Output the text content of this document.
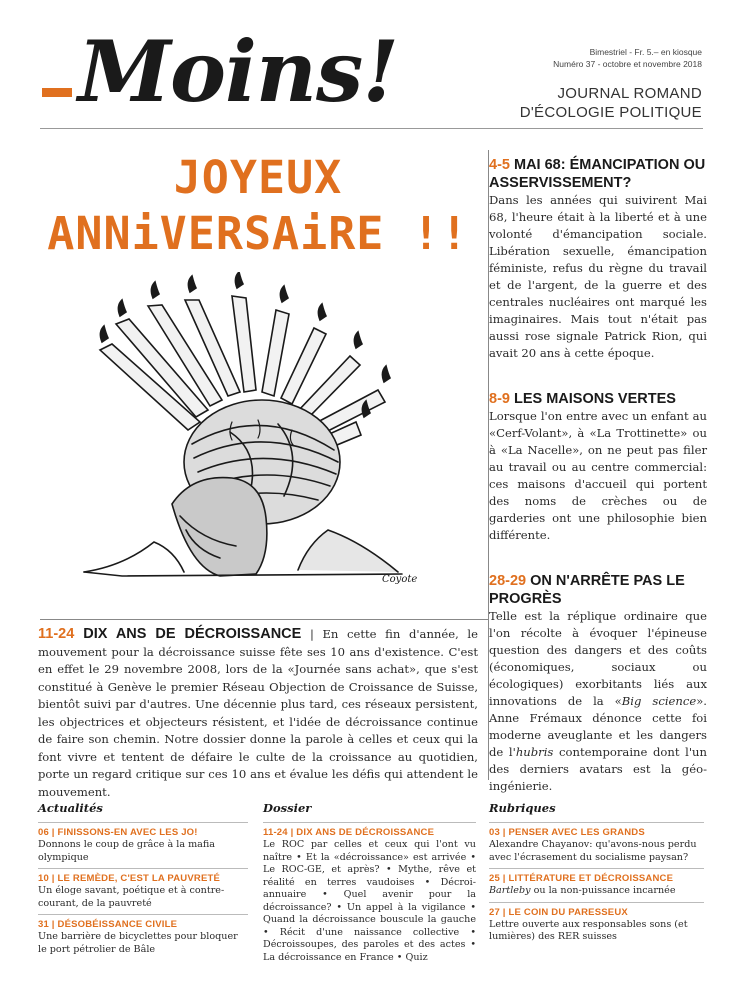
Moins!	Bimestriel - Fr. 5.– en kiosque
Numéro 37 - octobre et novembre 2018
JOURNAL ROMAND
D'ÉCOLOGIE POLITIQUE
JOYEUX
ANNiVERSAiRE !!
Coyote
4-5 MAI 68: ÉMANCIPATION OU ASSERVISSEMENT?
Dans les années qui suivirent Mai 68, l'heure était à la liberté et à une volonté d'émancipation sociale. Libération sexuelle, émancipation féministe, refus du règne du travail et de l'argent, de la guerre et des centrales nucléaires ont marqué les imaginaires. Mais tout n'était pas aussi rose signale Patrick Rion, qui avait 20 ans à cette époque.
8-9 LES MAISONS VERTES
Lorsque l'on entre avec un enfant au «Cerf-Volant», à «La Trottinette» ou à «La Nacelle», on ne peut pas filer au travail ou au centre commercial: ces maisons d'accueil qui portent des noms de crèches ou de garderies ont une philosophie bien différente.
28-29 ON N'ARRÊTE PAS LE PROGRÈS
Telle est la réplique ordinaire que l'on récolte à évoquer l'épineuse question des dangers et des coûts (économiques, sociaux ou écologiques) exorbitants liés aux innovations de la «Big science». Anne Frémaux dénonce cette foi moderne aveuglante et les dangers de l'hubris contemporaine dont l'un des derniers avatars est la géo-ingénierie.
11-24 DIX ANS DE DÉCROISSANCE | En cette fin d'année, le mouvement pour la décroissance suisse fête ses 10 ans d'existence. C'est en effet le 29 novembre 2008, lors de la «Journée sans achat», que s'est constitué à Genève le premier Réseau Objection de Croissance de Suisse, bientôt suivi par d'autres. Une décennie plus tard, ces réseaux persistent, les objectrices et objecteurs résistent, et l'idée de décroissance continue de faire son chemin. Notre dossier donne la parole à celles et ceux qui la font vivre et tentent de défaire le culte de la croissance au quotidien, porte un regard critique sur ces 10 ans et évalue les défis qui attendent le mouvement.
Actualités
06 | FINISSONS-EN AVEC LES JO!
Donnons le coup de grâce à la mafia olympique
10 | LE REMÈDE, C'EST LA PAUVRETÉ
Un éloge savant, poétique et à contre-courant, de la pauvreté
31 | DÉSOBÉISSANCE CIVILE
Une barrière de bicyclettes pour bloquer le port pétrolier de Bâle
Dossier
11-24 | DIX ANS DE DÉCROISSANCE
Le ROC par celles et ceux qui l'ont vu naître • Et la «décroissance» est arrivée • Le ROC-GE, et après? • Mythe, rêve et réalité en terres vaudoises • Décroi-annuaire • Quel avenir pour la décroissance? • Un appel à la vigilance • Quand la décroissance bouscule la gauche • Récit d'une naissance collective • Décroissoupes, des paroles et des actes • La décroissance en France • Quiz
Rubriques
03 | PENSER AVEC LES GRANDS
Alexandre Chayanov: qu'avons-nous perdu avec l'écrasement du socialisme paysan?
25 | LITTÉRATURE ET DÉCROISSANCE
Bartleby ou la non-puissance incarnée
27 | LE COIN DU PARESSEUX
Lettre ouverte aux responsables sons (et lumières) des RER suisses
